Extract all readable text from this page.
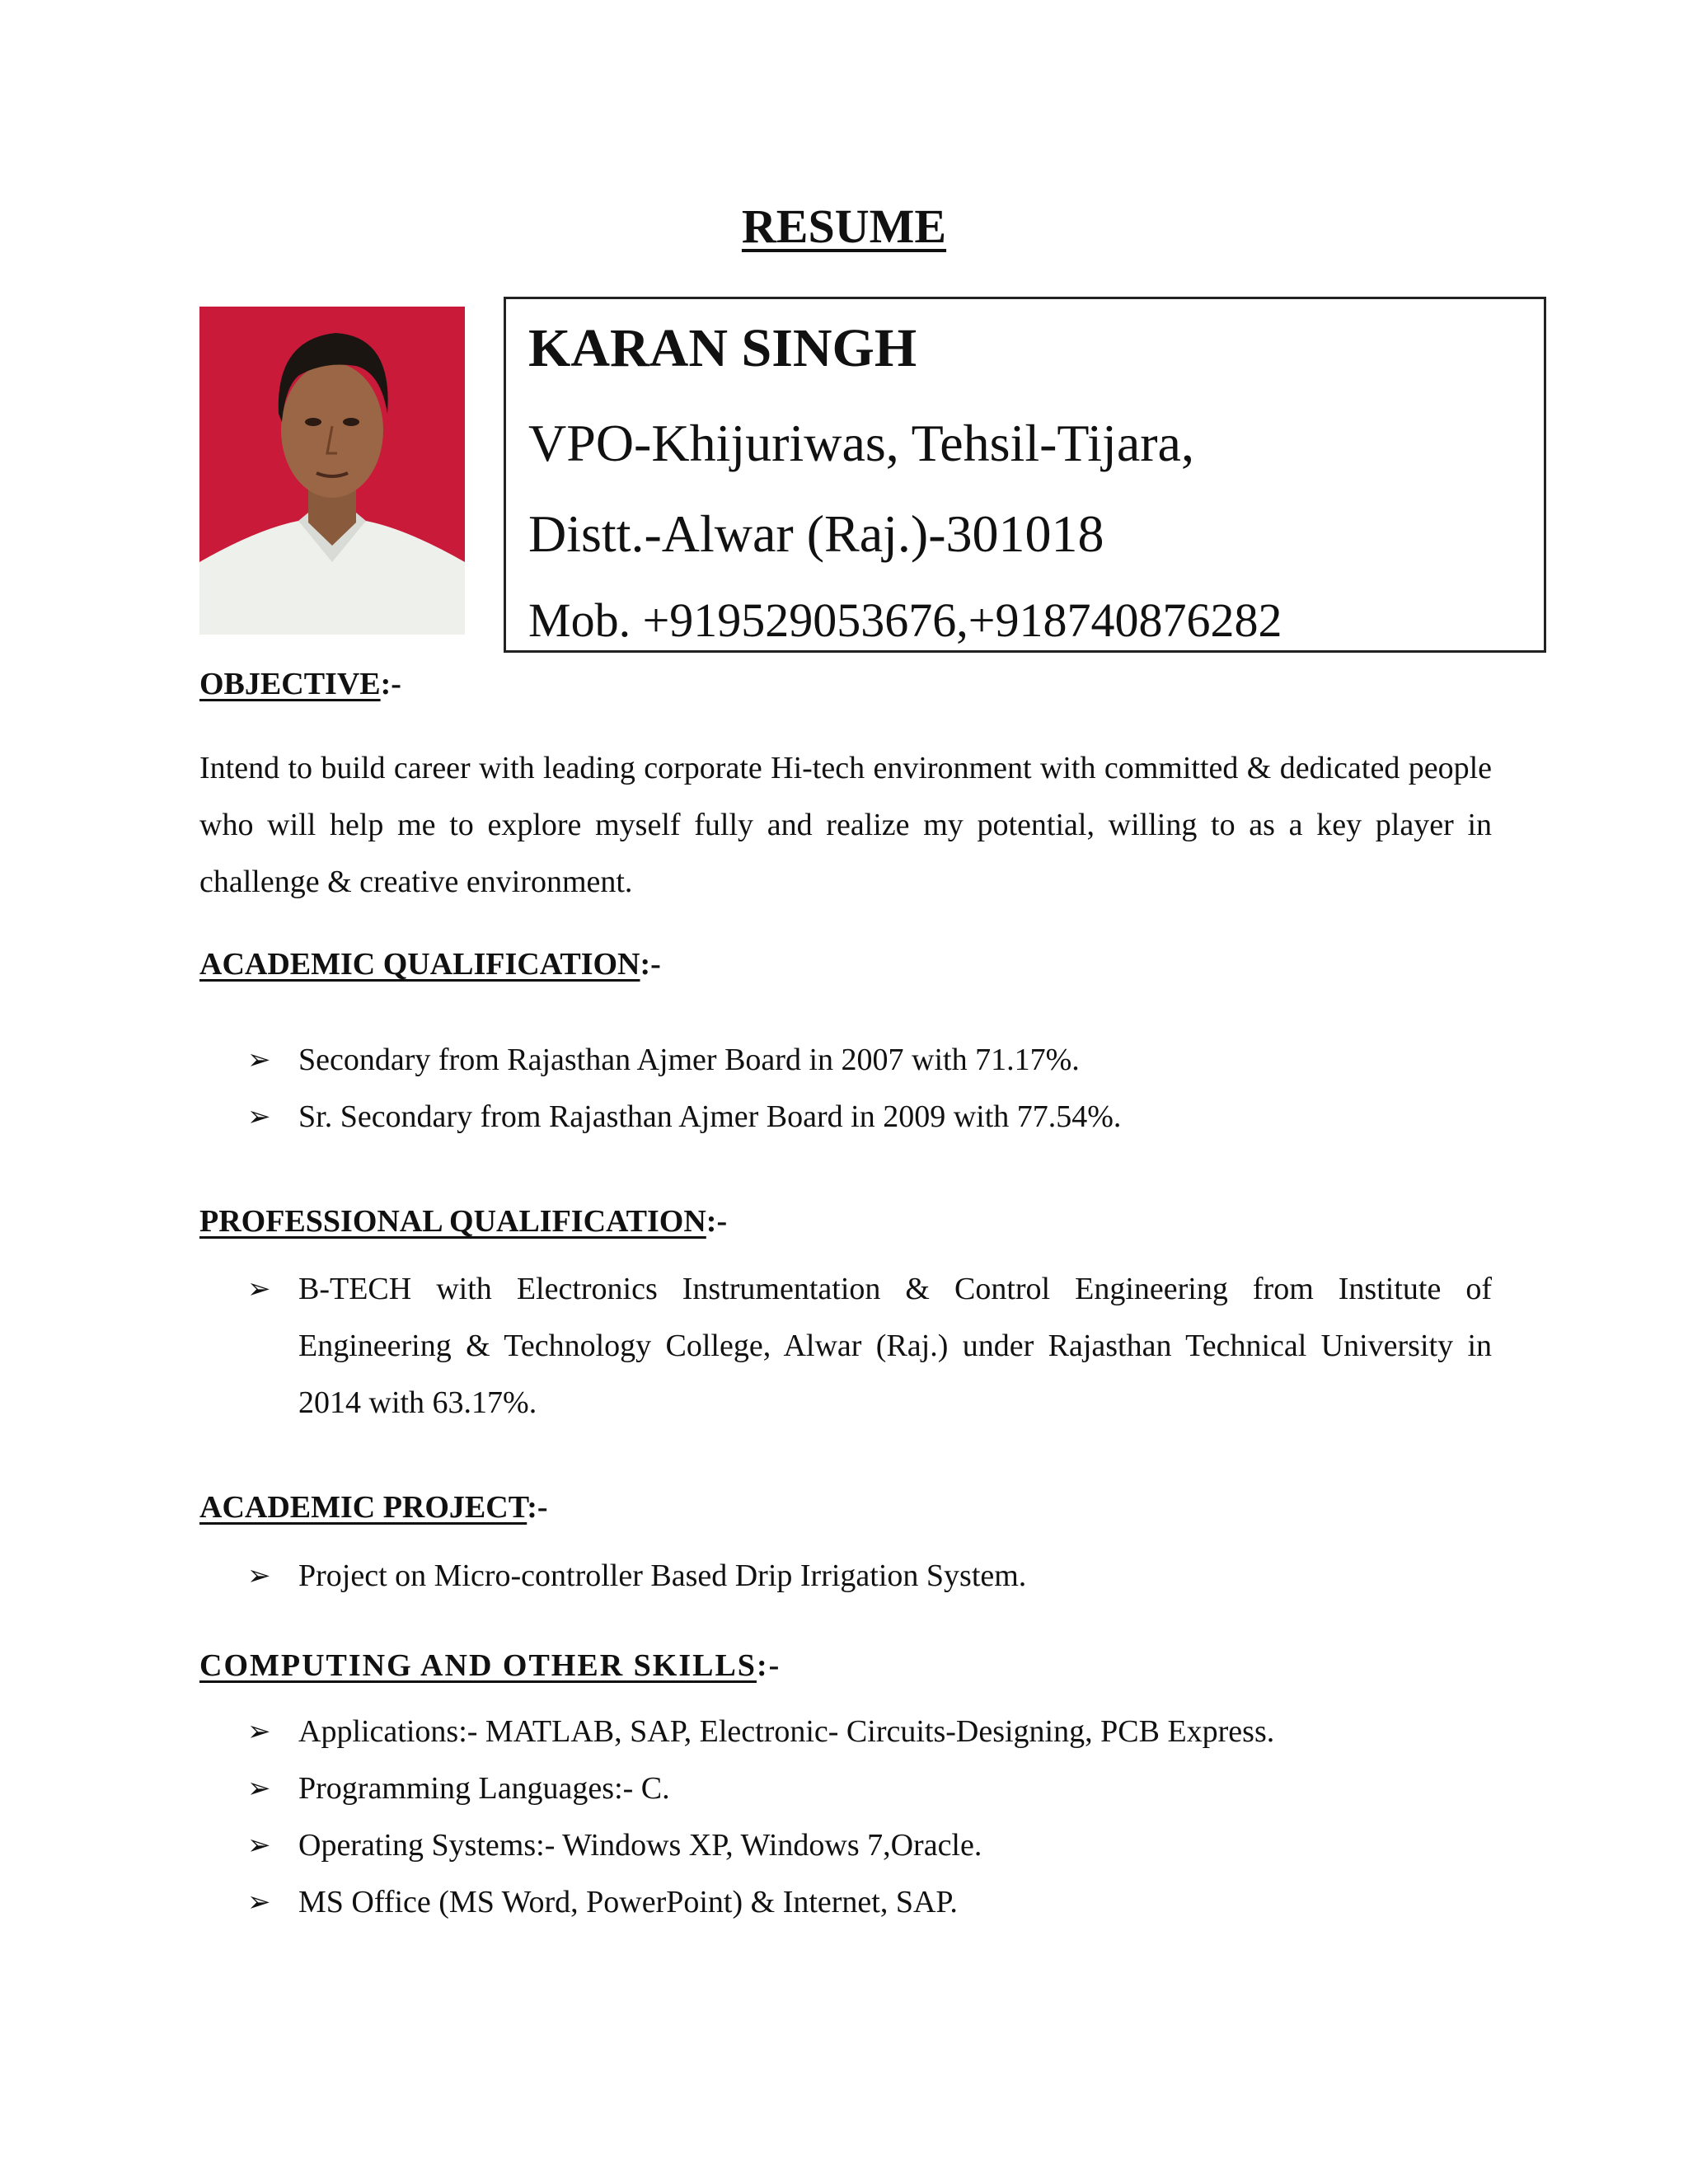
RESUME
KARAN SINGH
VPO-Khijuriwas, Tehsil-Tijara,
Distt.-Alwar (Raj.)-301018
Mob. +919529053676,+918740876282
OBJECTIVE:-
Intend to build career with leading corporate Hi-tech environment with committed & dedicated people who will help me to explore myself fully and realize my potential, willing to as a key player in challenge & creative environment.
ACADEMIC QUALIFICATION:-
➢ Secondary from Rajasthan Ajmer Board in 2007 with 71.17%.
➢ Sr. Secondary from Rajasthan Ajmer Board in 2009 with 77.54%.
PROFESSIONAL QUALIFICATION:-
➢ B-TECH with Electronics Instrumentation & Control Engineering from Institute of Engineering & Technology College, Alwar (Raj.) under Rajasthan Technical University in 2014 with 63.17%.
ACADEMIC PROJECT:-
➢ Project on Micro-controller Based Drip Irrigation System.
COMPUTING AND OTHER SKILLS:-
➢ Applications:- MATLAB, SAP, Electronic- Circuits-Designing, PCB Express.
➢ Programming Languages:- C.
➢ Operating Systems:- Windows XP, Windows 7,Oracle.
➢ MS Office (MS Word, PowerPoint) & Internet, SAP.
